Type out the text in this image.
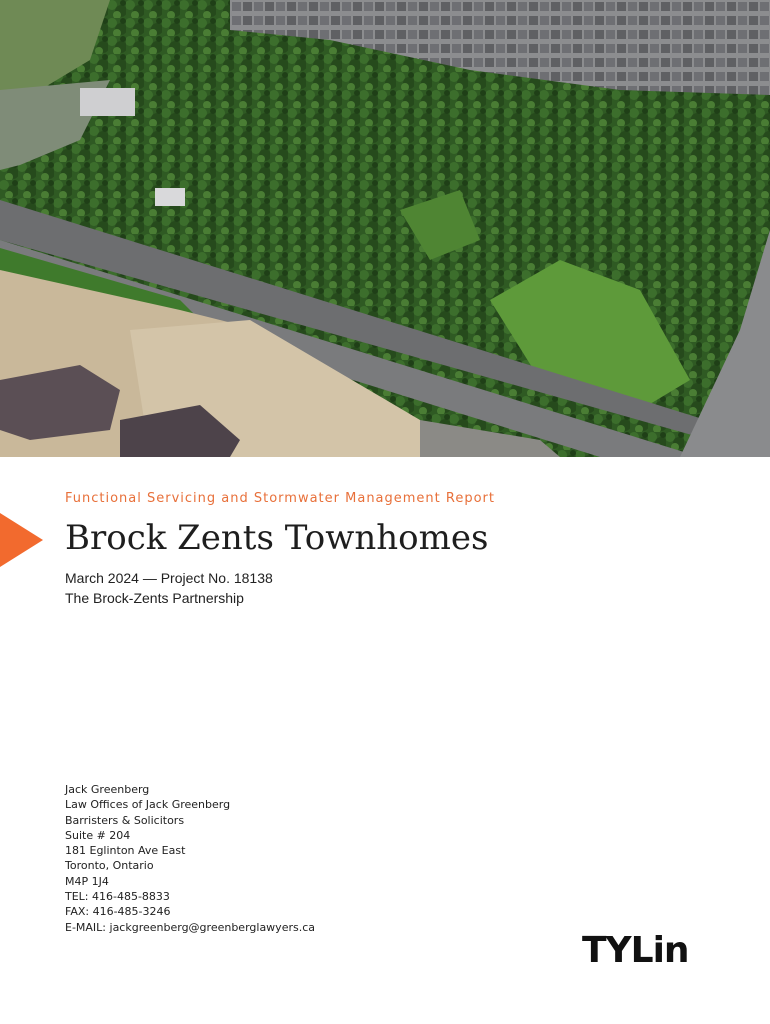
Functional Servicing and Stormwater Management Report
Brock Zents Townhomes
March 2024 — Project No. 18138
The Brock-Zents Partnership
Jack Greenberg
Law Offices of Jack Greenberg
Barristers & Solicitors
Suite # 204
181 Eglinton Ave East
Toronto, Ontario
M4P 1J4
TEL: 416-485-8833
FAX: 416-485-3246
E-MAIL: jackgreenberg@greenberglawyers.ca
TYLin
